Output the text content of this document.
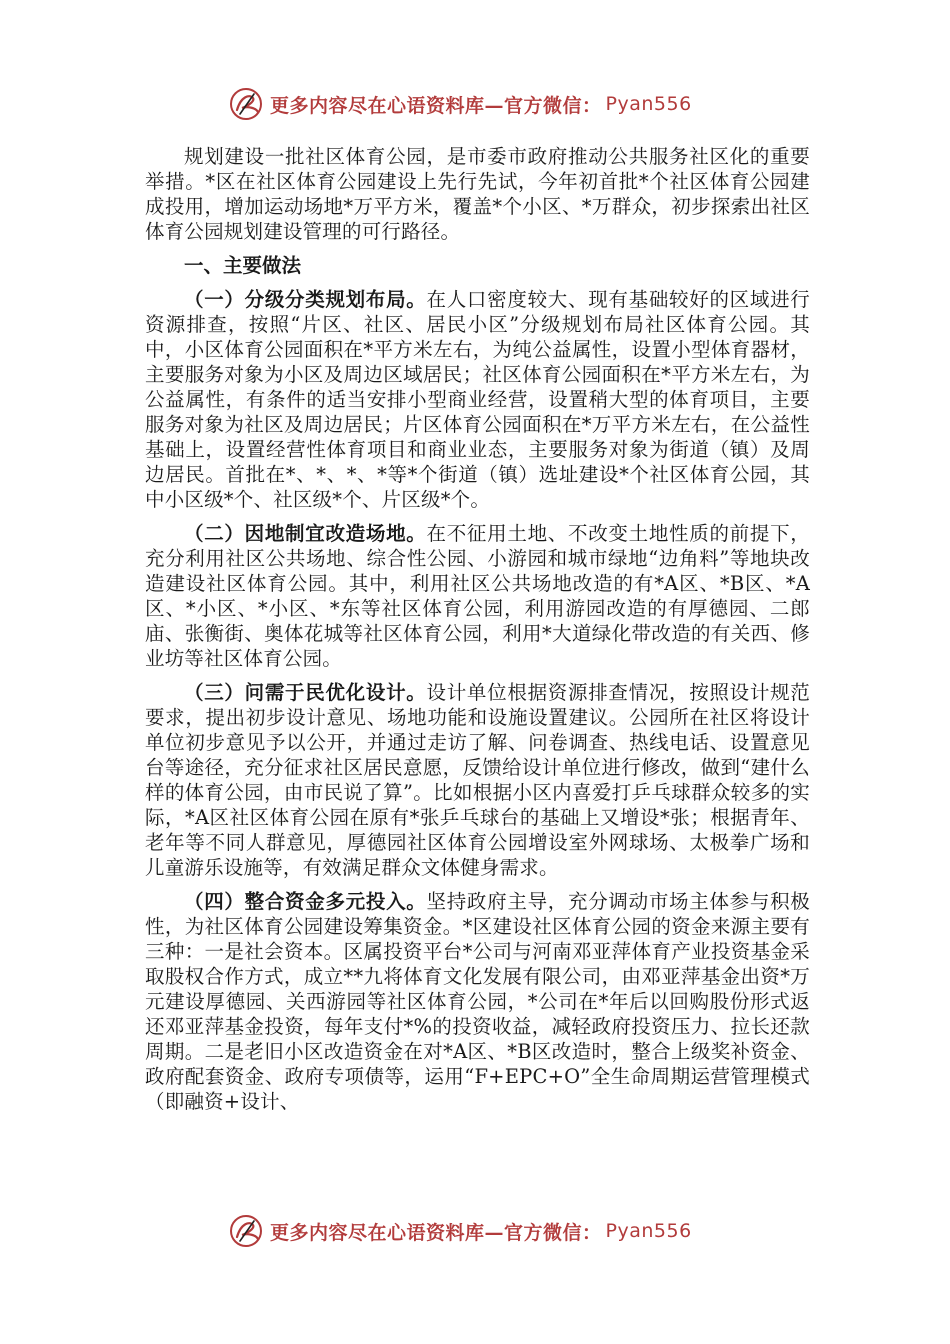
更多内容尽在心语资料库—官方微信： Pyan556

规划建设一批社区体育公园，是市委市政府推动公共服务社区化的重要举措。*区在社区体育公园建设上先行先试，今年初首批*个社区体育公园建成投用，增加运动场地*万平方米，覆盖*个小区、*万群众，初步探索出社区体育公园规划建设管理的可行路径。

一、主要做法

（一）分级分类规划布局。在人口密度较大、现有基础较好的区域进行资源排查，按照“片区、社区、居民小区”分级规划布局社区体育公园。其中，小区体育公园面积在*平方米左右，为纯公益属性，设置小型体育器材，主要服务对象为小区及周边区域居民；社区体育公园面积在*平方米左右，为公益属性，有条件的适当安排小型商业经营，设置稍大型的体育项目，主要服务对象为社区及周边居民；片区体育公园面积在*万平方米左右，在公益性基础上，设置经营性体育项目和商业业态，主要服务对象为街道（镇）及周边居民。首批在*、*、*、*等*个街道（镇）选址建设*个社区体育公园，其中小区级*个、社区级*个、片区级*个。

（二）因地制宜改造场地。在不征用土地、不改变土地性质的前提下，充分利用社区公共场地、综合性公园、小游园和城市绿地“边角料”等地块改造建设社区体育公园。其中，利用社区公共场地改造的有*A区、*B区、*A区、*小区、*小区、*东等社区体育公园，利用游园改造的有厚德园、二郎庙、张衡街、奥体花城等社区体育公园，利用*大道绿化带改造的有关西、修业坊等社区体育公园。

（三）问需于民优化设计。设计单位根据资源排查情况，按照设计规范要求，提出初步设计意见、场地功能和设施设置建议。公园所在社区将设计单位初步意见予以公开，并通过走访了解、问卷调查、热线电话、设置意见台等途径，充分征求社区居民意愿，反馈给设计单位进行修改，做到“建什么样的体育公园，由市民说了算”。比如根据小区内喜爱打乒乓球群众较多的实际，*A区社区体育公园在原有*张乒乓球台的基础上又增设*张；根据青年、老年等不同人群意见，厚德园社区体育公园增设室外网球场、太极拳广场和儿童游乐设施等，有效满足群众文体健身需求。

（四）整合资金多元投入。坚持政府主导，充分调动市场主体参与积极性，为社区体育公园建设筹集资金。*区建设社区体育公园的资金来源主要有三种：一是社会资本。区属投资平台*公司与河南邓亚萍体育产业投资基金采取股权合作方式，成立**九将体育文化发展有限公司，由邓亚萍基金出资*万元建设厚德园、关西游园等社区体育公园，*公司在*年后以回购股份形式返还邓亚萍基金投资，每年支付*%的投资收益，减轻政府投资压力、拉长还款周期。二是老旧小区改造资金在对*A区、*B区改造时，整合上级奖补资金、政府配套资金、政府专项债等，运用“F+EPC+O”全生命周期运营管理模式（即融资+设计、

更多内容尽在心语资料库—官方微信： Pyan556
